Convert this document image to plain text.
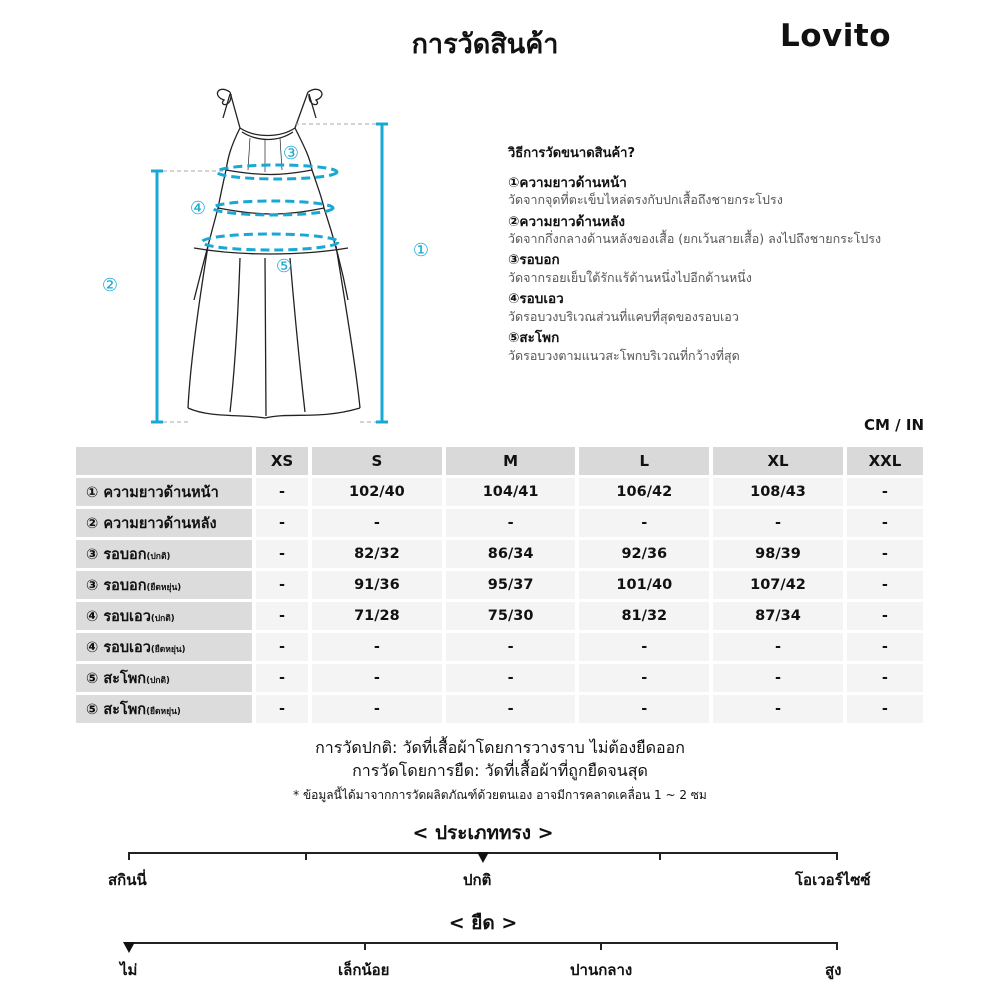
การวัดสินค้า	Lovito
①
②
③
④
⑤
วิธีการวัดขนาดสินค้า?
①ความยาวด้านหน้า
วัดจากจุดที่ตะเข็บไหล่ตรงกับปกเสื้อถึงชายกระโปรง
②ความยาวด้านหลัง
วัดจากกึ่งกลางด้านหลังของเสื้อ (ยกเว้นสายเสื้อ) ลงไปถึงชายกระโปรง
③รอบอก
วัดจากรอยเย็บใต้รักแร้ด้านหนึ่งไปอีกด้านหนึ่ง
④รอบเอว
วัดรอบวงบริเวณส่วนที่แคบที่สุดของรอบเอว
⑤สะโพก
วัดรอบวงตามแนวสะโพกบริเวณที่กว้างที่สุด
CM / IN
	XS	S	M	L	XL	XXL
① ความยาวด้านหน้า	-	102/40	104/41	106/42	108/43	-
② ความยาวด้านหลัง	-	-	-	-	-	-
③ รอบอก(ปกติ)	-	82/32	86/34	92/36	98/39	-
③ รอบอก(ยืดหยุ่น)	-	91/36	95/37	101/40	107/42	-
④ รอบเอว(ปกติ)	-	71/28	75/30	81/32	87/34	-
④ รอบเอว(ยืดหยุ่น)	-	-	-	-	-	-
⑤ สะโพก(ปกติ)	-	-	-	-	-	-
⑤ สะโพก(ยืดหยุ่น)	-	-	-	-	-	-
การวัดปกติ: วัดที่เสื้อผ้าโดยการวางราบ ไม่ต้องยืดออก
การวัดโดยการยืด: วัดที่เสื้อผ้าที่ถูกยืดจนสุด
* ข้อมูลนี้ได้มาจากการวัดผลิตภัณฑ์ด้วยตนเอง อาจมีการคลาดเคลื่อน 1 ~ 2 ซม
< ประเภททรง >
สกินนี่	ปกติ	โอเวอร์ไซซ์
< ยืด >
ไม่	เล็กน้อย	ปานกลาง	สูง
